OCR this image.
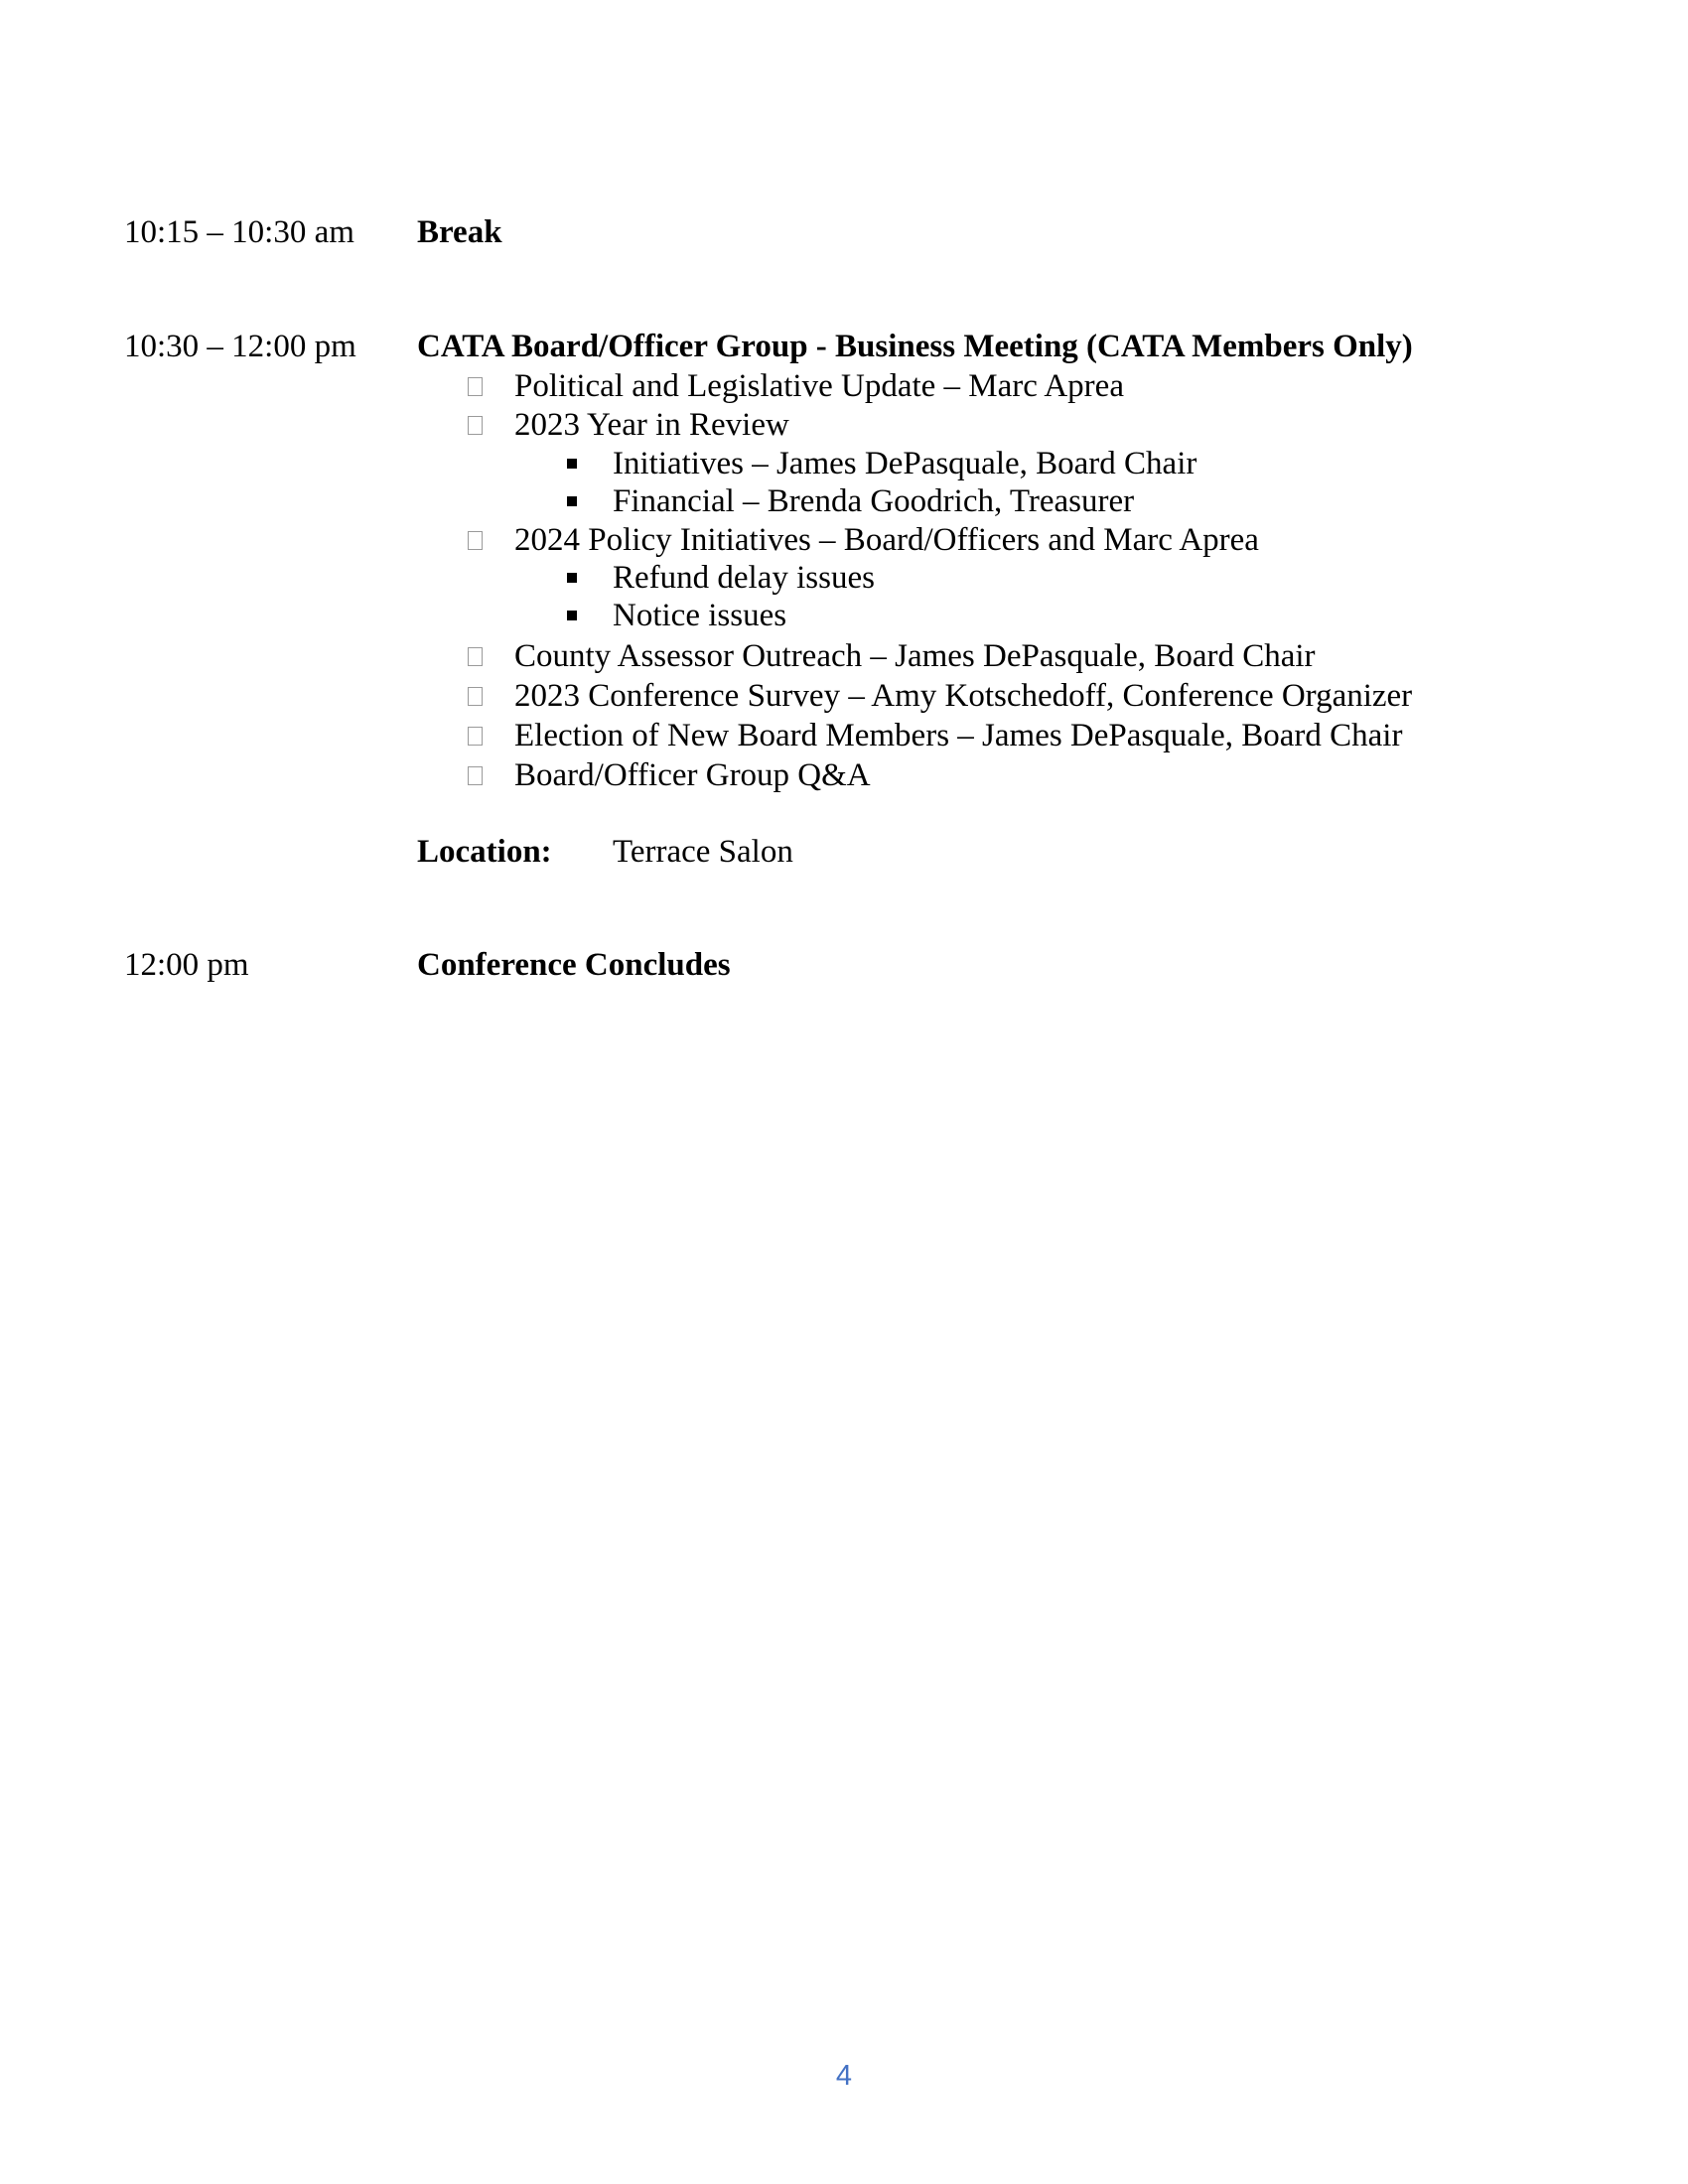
10:15 – 10:30 am Break
10:30 – 12:00 pm CATA Board/Officer Group - Business Meeting (CATA Members Only)
Political and Legislative Update – Marc Aprea
2023 Year in Review
Initiatives – James DePasquale, Board Chair
Financial – Brenda Goodrich, Treasurer
2024 Policy Initiatives – Board/Officers and Marc Aprea
Refund delay issues
Notice issues
County Assessor Outreach – James DePasquale, Board Chair
2023 Conference Survey – Amy Kotschedoff, Conference Organizer
Election of New Board Members – James DePasquale, Board Chair
Board/Officer Group Q&A
Location: Terrace Salon
12:00 pm	Conference Concludes
4
